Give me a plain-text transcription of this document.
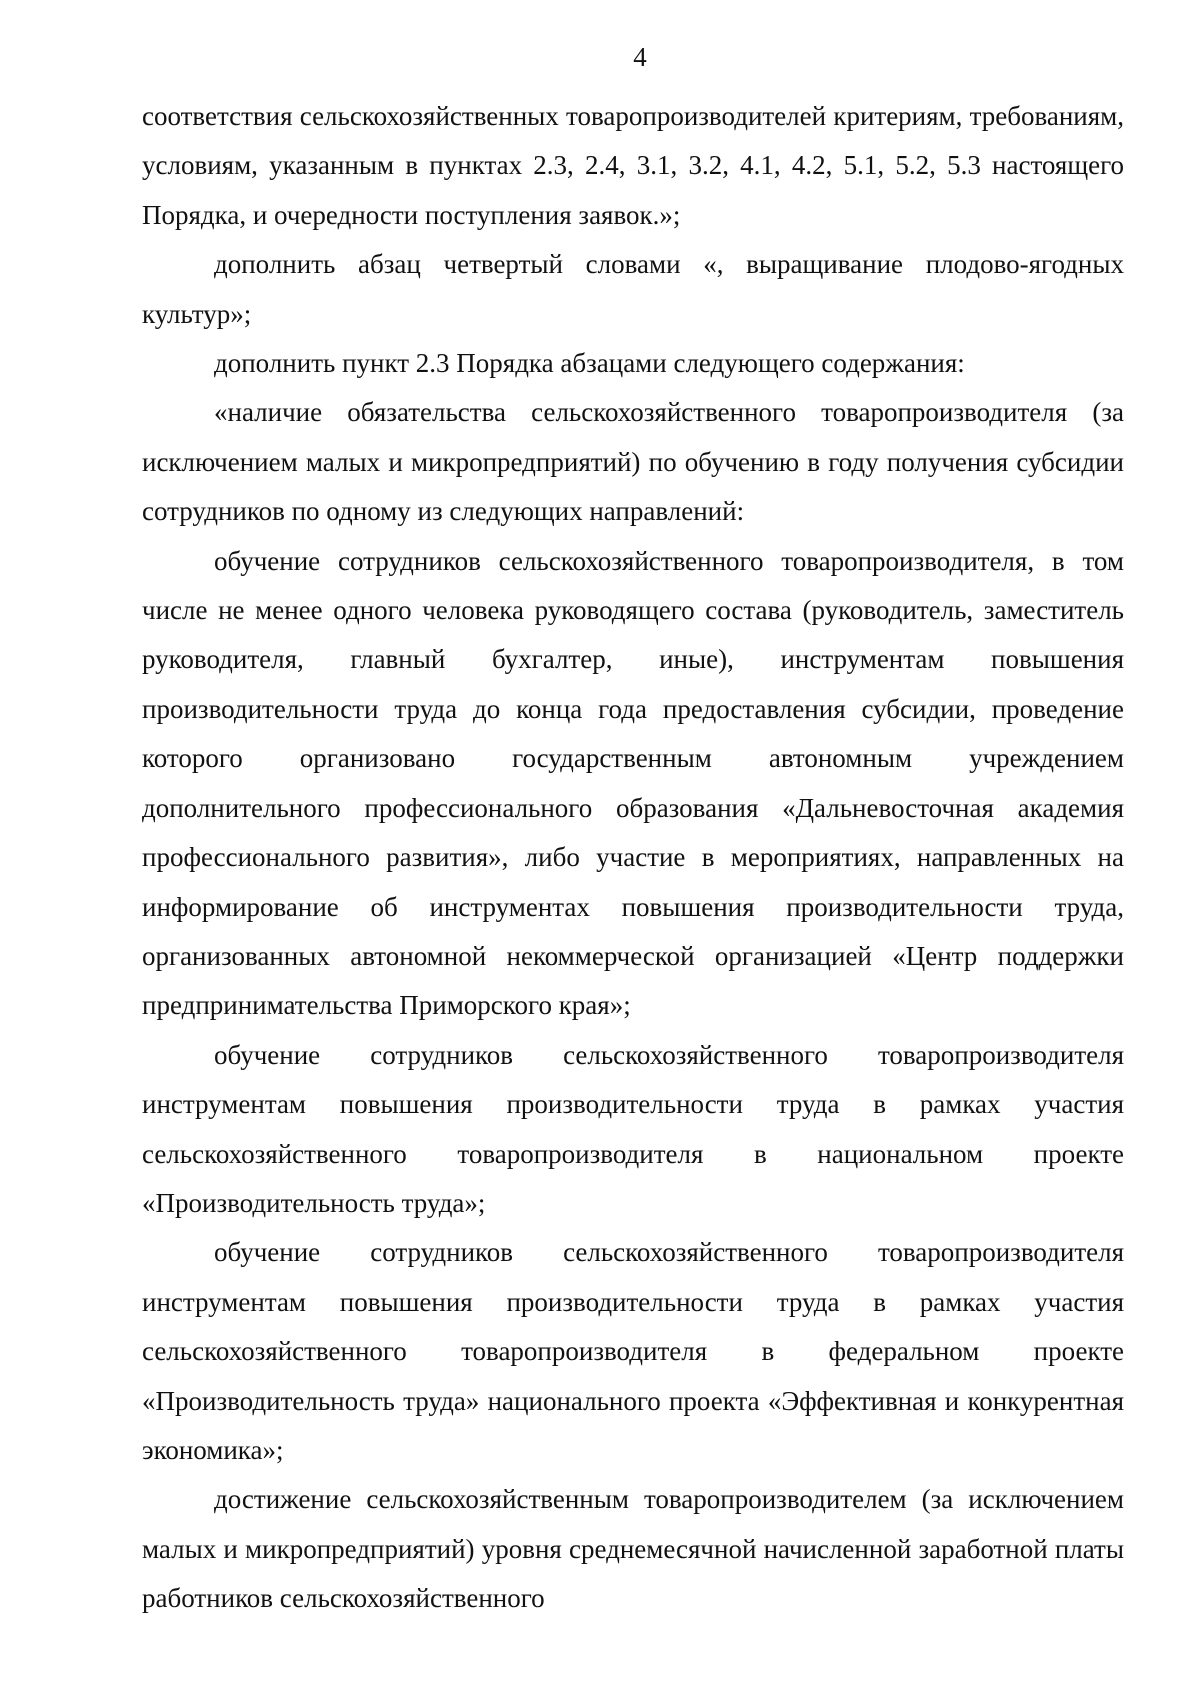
4

соответствия сельскохозяйственных товаропроизводителей критериям, требованиям, условиям, указанным в пунктах 2.3, 2.4, 3.1, 3.2, 4.1, 4.2, 5.1, 5.2, 5.3 настоящего Порядка, и очередности поступления заявок.»;

дополнить абзац четвертый словами «, выращивание плодово-ягодных культур»;

дополнить пункт 2.3 Порядка абзацами следующего содержания:

«наличие обязательства сельскохозяйственного товаропроизводителя (за исключением малых и микропредприятий) по обучению в году получения субсидии сотрудников по одному из следующих направлений:

обучение сотрудников сельскохозяйственного товаропроизводителя, в том числе не менее одного человека руководящего состава (руководитель, заместитель руководителя, главный бухгалтер, иные), инструментам повышения производительности труда до конца года предоставления субсидии, проведение которого организовано государственным автономным учреждением дополнительного профессионального образования «Дальневосточная академия профессионального развития», либо участие в мероприятиях, направленных на информирование об инструментах повышения производительности труда, организованных автономной некоммерческой организацией «Центр поддержки предпринимательства Приморского края»;

обучение сотрудников сельскохозяйственного товаропроизводителя инструментам повышения производительности труда в рамках участия сельскохозяйственного товаропроизводителя в национальном проекте «Производительность труда»;

обучение сотрудников сельскохозяйственного товаропроизводителя инструментам повышения производительности труда в рамках участия сельскохозяйственного товаропроизводителя в федеральном проекте «Производительность труда» национального проекта «Эффективная и конкурентная экономика»;

достижение сельскохозяйственным товаропроизводителем (за исключением малых и микропредприятий) уровня среднемесячной начисленной заработной платы работников сельскохозяйственного
